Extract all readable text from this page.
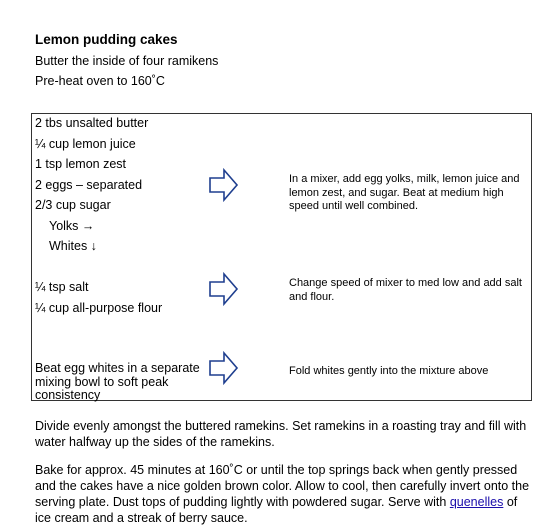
Lemon pudding cakes
Butter the inside of four ramikens
Pre-heat oven to 160˚C
2 tbs unsalted butter
¼ cup lemon juice
1 tsp lemon zest
2 eggs – separated
2/3 cup sugar
Yolks →
Whites ↓
In a mixer, add egg yolks, milk, lemon juice and lemon zest, and sugar. Beat at medium high speed until well combined.
¼ tsp salt
¼ cup all-purpose flour
Change speed of mixer to med low and add salt and flour.
Beat egg whites in a separate mixing bowl to soft peak consistency
Fold whites gently into the mixture above
Divide evenly amongst the buttered ramekins. Set ramekins in a roasting tray and fill with water halfway up the sides of the ramekins.
Bake for approx. 45 minutes at 160˚C or until the top springs back when gently pressed and the cakes have a nice golden brown color. Allow to cool, then carefully invert onto the serving plate. Dust tops of pudding lightly with powdered sugar. Serve with quenelles of ice cream and a streak of berry sauce.
